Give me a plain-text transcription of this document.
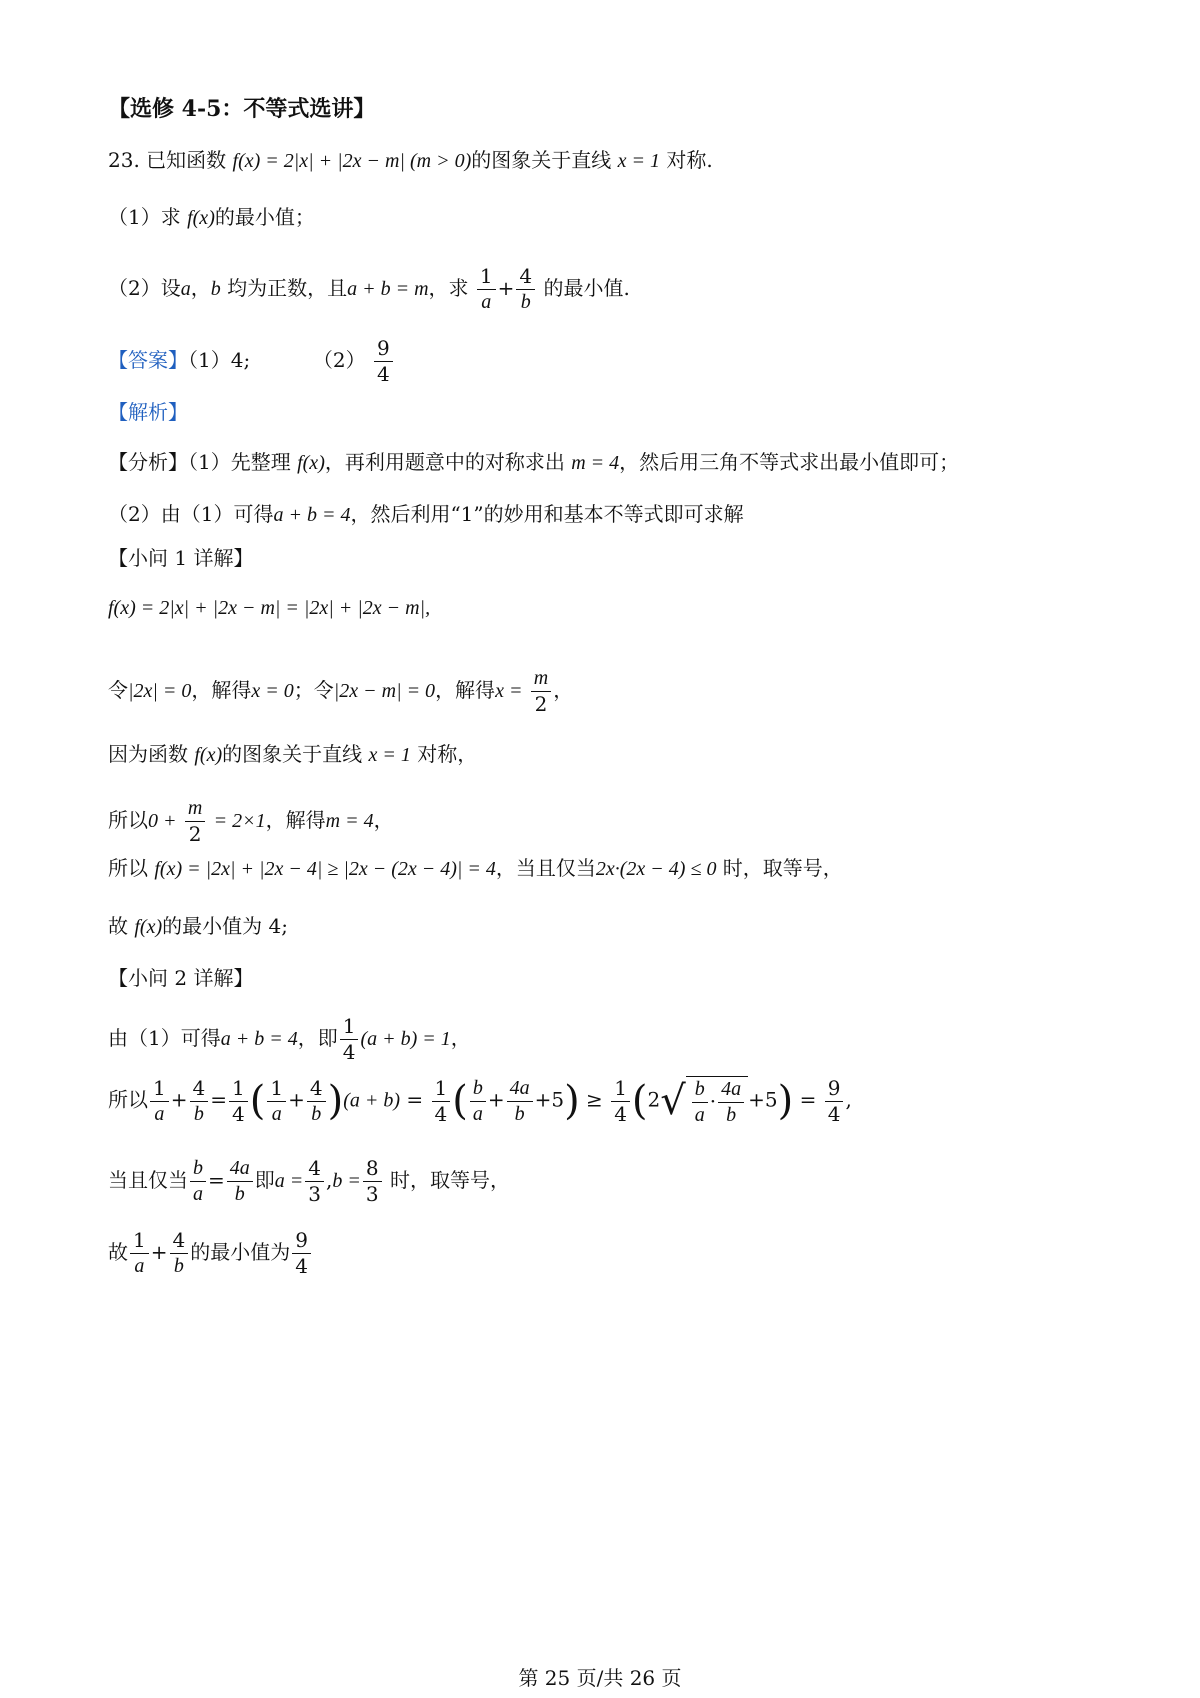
【选修 4-5：不等式选讲】
23. 已知函数 f(x) = 2|x| + |2x − m| (m > 0)的图象关于直线 x = 1 对称.
（1）求 f(x)的最小值；
（2）设a，b 均为正数，且a + b = m，求 $\frac{1}{a} + \frac{4}{b}$ 的最小值.
【答案】（1）4;	$(2) \frac{9}{4}$
【解析】
【分析】（1）先整理 f(x)，再利用题意中的对称求出 m = 4，然后用三角不等式求出最小值即可；
（2）由（1）可得a + b = 4，然后利用“1”的妙用和基本不等式即可求解
【小问 1 详解】
f(x) = 2|x| + |2x − m| = |2x| + |2x − m|,
令|2x| = 0，解得x = 0；令|2x − m| = 0，解得$x = \frac{m}{2}$ ，
因为函数 f(x)的图象关于直线 x = 1 对称，
所以$0 + \frac{m}{2} = 2\times 1$，解得m = 4，
所以 f(x) = |2x| + |2x − 4| ≥ |2x − (2x − 4)| = 4，当且仅当2x·(2x − 4) ≤ 0 时，取等号，
故 f(x)的最小值为 4;
【小问 2 详解】
由（1）可得a + b = 4，即 $\frac{1}{4} (a + b) = 1$，
所以 $\frac{1}{a} + \frac{4}{b} = \frac{1}{4}$ ( $\frac{1}{a} + \frac{4}{b} )(a + b) = \frac{1}{4}$ ( $\frac{b}{a} + \frac{4a}{b} +5) \ge \frac{1}{4} (2√ \frac{b}{a} \cdot \frac{4a}{b} +5) = \frac{9}{4}$ ,
当且仅当 $\frac{b}{a} = \frac{4a}{b}$ 即$a = \frac{4}{3} ,b = \frac{8}{3}$ 时，取等号，
故 $\frac{1}{a} + \frac{4}{b}$ 的最小值为 $\frac{9}{4}$
第 25 页/共 26 页
